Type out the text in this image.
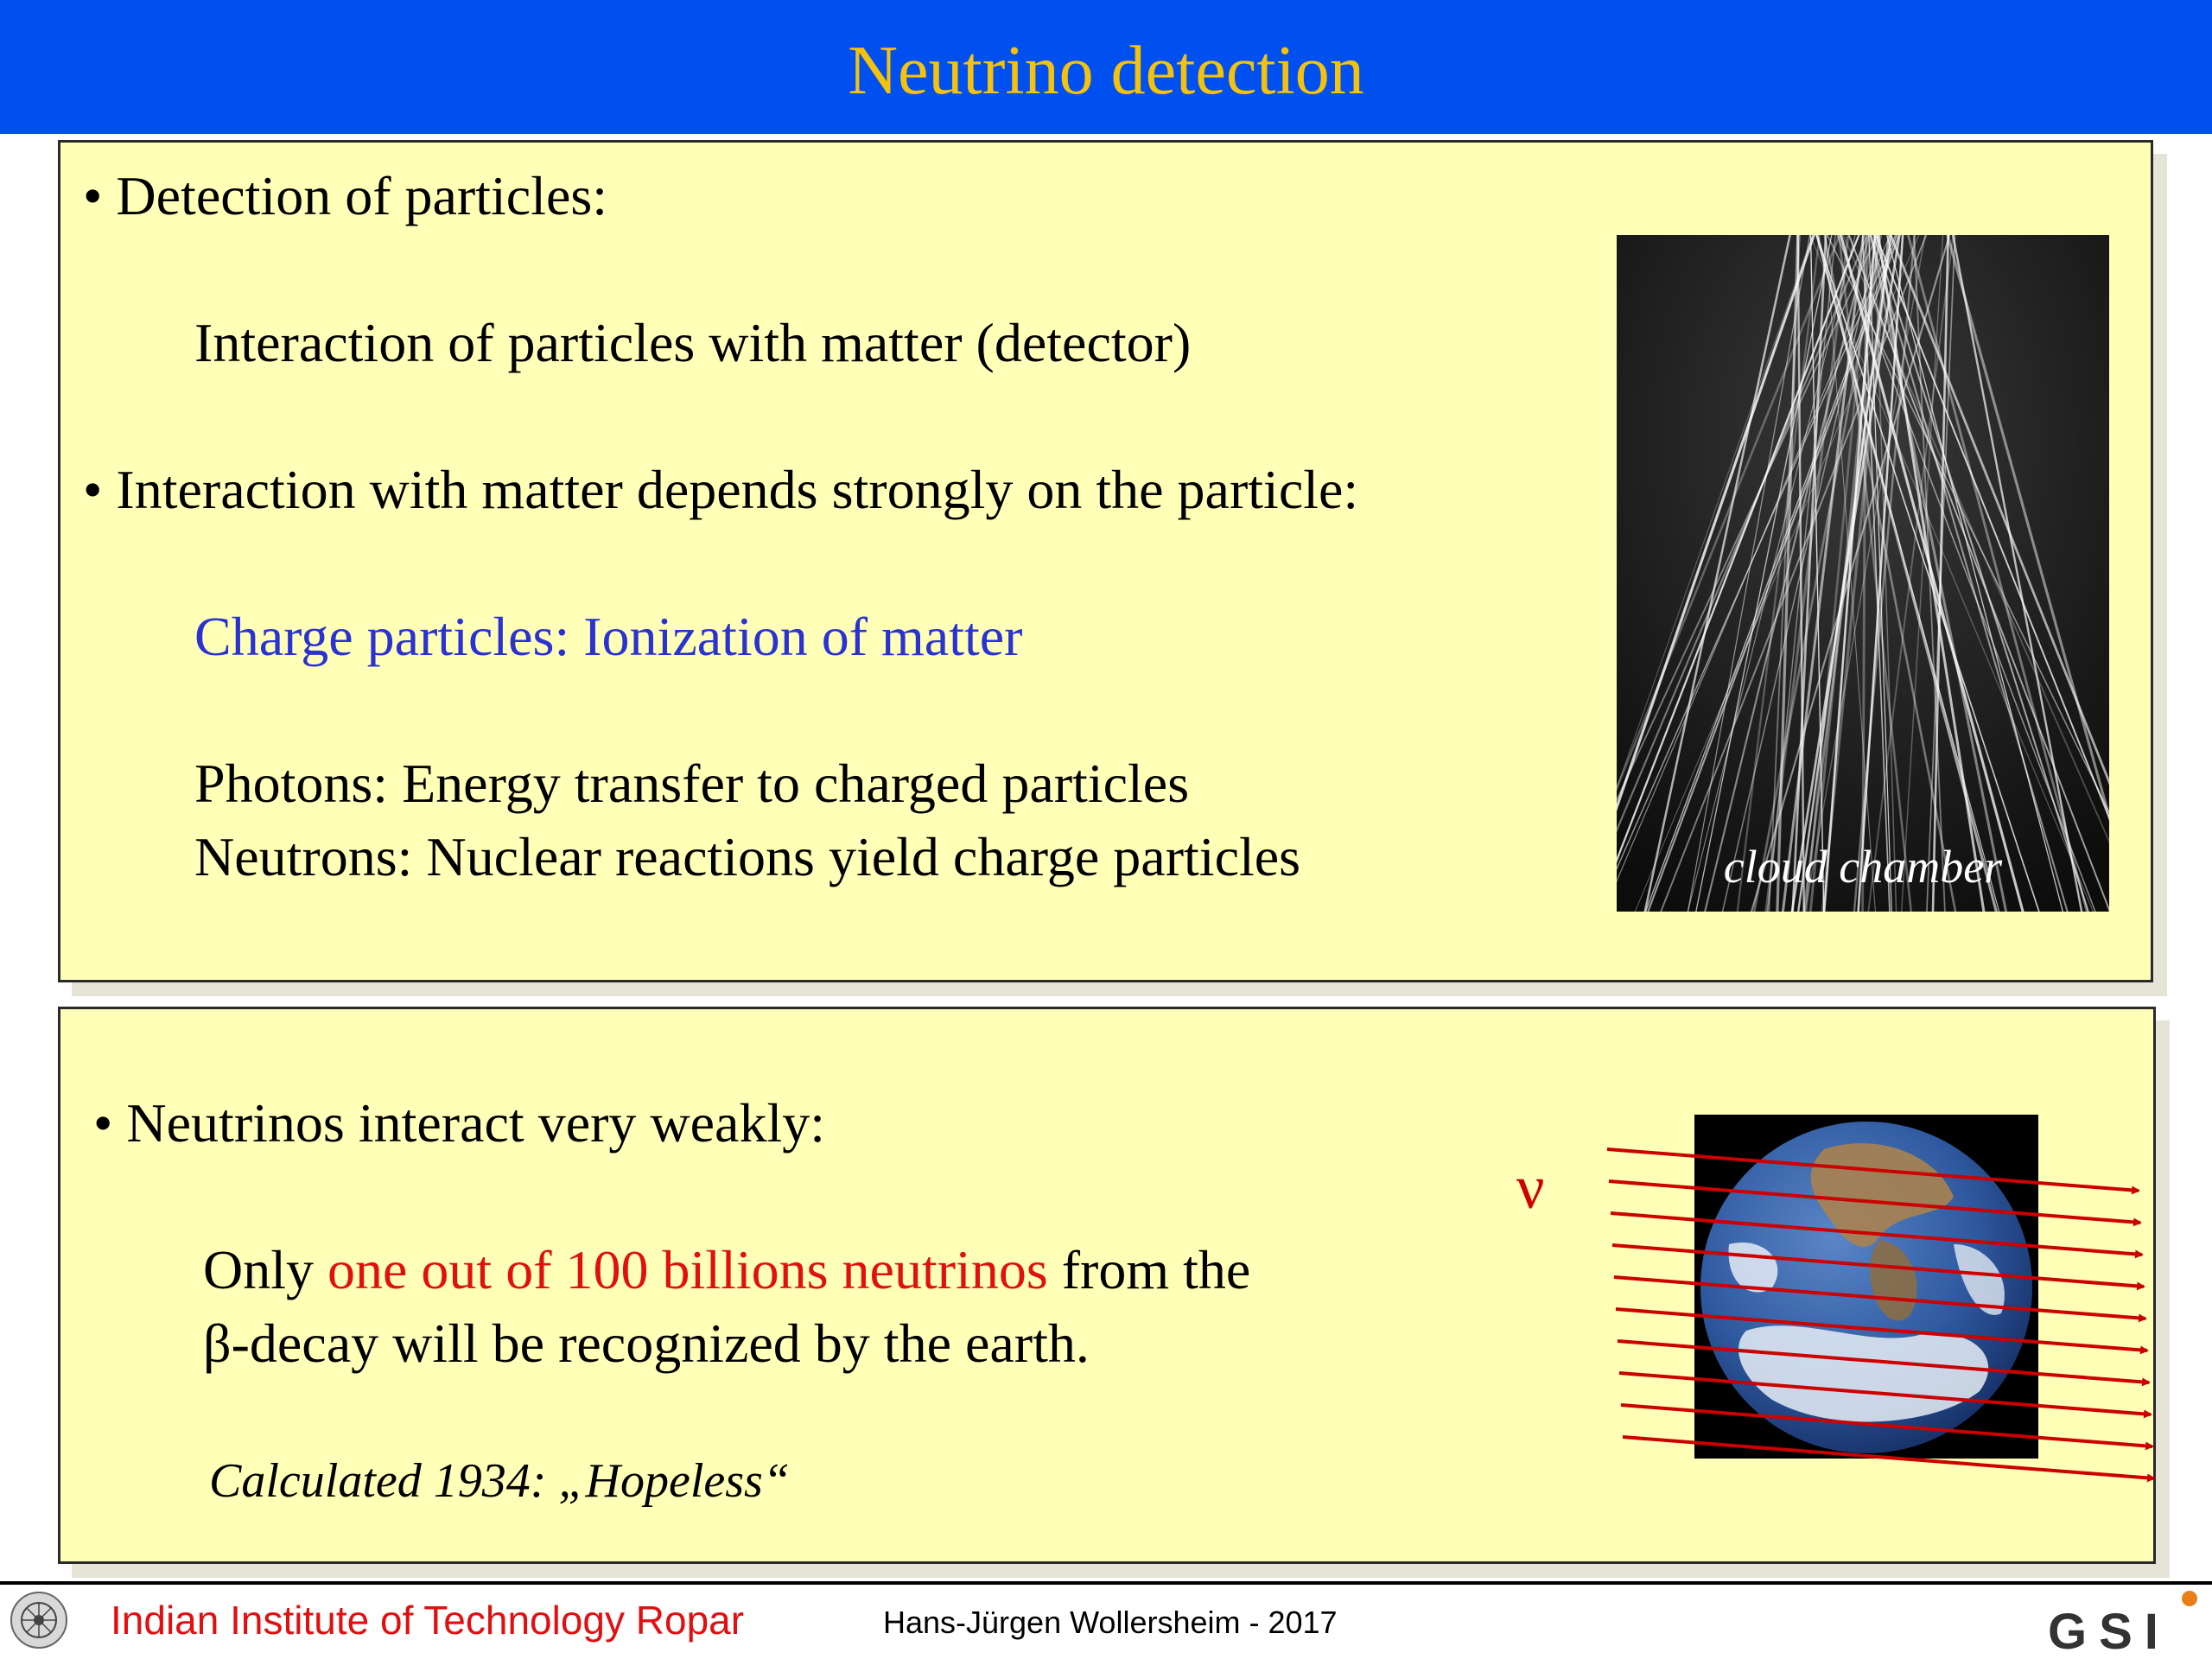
Neutrino detection
• Detection of particles:
Interaction of particles with matter (detector)
• Interaction with matter depends strongly on the particle:
Charge particles: Ionization of matter
Photons: Energy transfer to charged particles
Neutrons: Nuclear reactions yield charge particles	cloud chamber
• Neutrinos interact very weakly:
Only one out of 100 billions neutrinos from the
β-decay will be recognized by the earth.
Calculated 1934: „Hopeless“
ν
Indian Institute of Technology Ropar	Hans-Jürgen Wollersheim - 2017	GSI
